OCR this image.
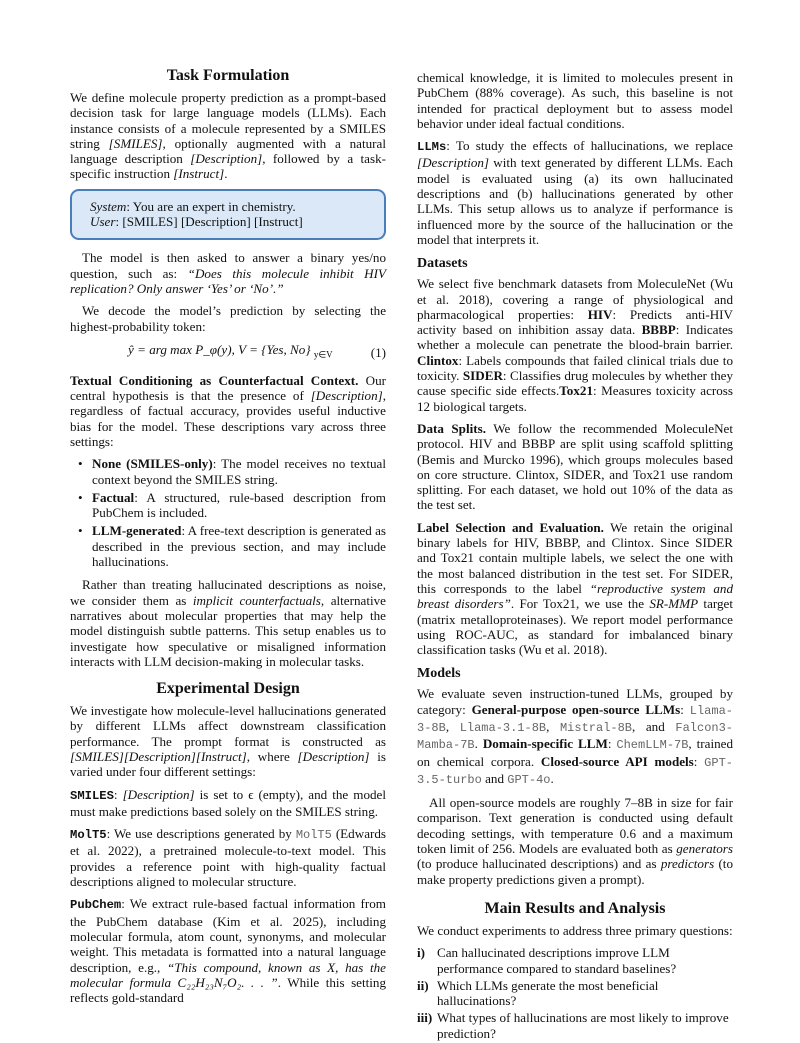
Task Formulation

We define molecule property prediction as a prompt-based decision task for large language models (LLMs). Each instance consists of a molecule represented by a SMILES string [SMILES], optionally augmented with a natural language description [Description], followed by a task-specific instruction [Instruct].

System: You are an expert in chemistry.
User: [SMILES] [Description] [Instruct]

The model is then asked to answer a binary yes/no question, such as: “Does this molecule inhibit HIV replication? Only answer ‘Yes’ or ‘No’.”

We decode the model’s prediction by selecting the highest-probability token:

ŷ = arg max P_φ(y), V = {Yes, No} $_{y\in V}$	(1)

Textual Conditioning as Counterfactual Context. Our central hypothesis is that the presence of [Description], regardless of factual accuracy, provides useful inductive bias for the model. These descriptions vary across three settings:

• None (SMILES-only): The model receives no textual context beyond the SMILES string.
• Factual: A structured, rule-based description from PubChem is included.
• LLM-generated: A free-text description is generated as described in the previous section, and may include hallucinations.

Rather than treating hallucinated descriptions as noise, we consider them as implicit counterfactuals, alternative narratives about molecular properties that may help the model distinguish subtle patterns. This setup enables us to investigate how speculative or misaligned information interacts with LLM decision-making in molecular tasks.

Experimental Design

We investigate how molecule-level hallucinations generated by different LLMs affect downstream classification performance. The prompt format is constructed as [SMILES][Description][Instruct], where [Description] is varied under four different settings:

SMILES: [Description] is set to ϵ (empty), and the model must make predictions based solely on the SMILES string.

MolT5: We use descriptions generated by MolT5 (Edwards et al. 2022), a pretrained molecule-to-text model. This provides a reference point with high-quality factual descriptions aligned to molecular structure.

PubChem: We extract rule-based factual information from the PubChem database (Kim et al. 2025), including molecular formula, atom count, synonyms, and molecular weight. This metadata is formatted into a natural language description, e.g., “This compound, known as X, has the molecular formula C₂₂H₂₃N₇O₂. . . ”. While this setting reflects gold-standard

chemical knowledge, it is limited to molecules present in PubChem (88% coverage). As such, this baseline is not intended for practical deployment but to assess model behavior under ideal factual conditions.

LLMs: To study the effects of hallucinations, we replace [Description] with text generated by different LLMs. Each model is evaluated using (a) its own hallucinated descriptions and (b) hallucinations generated by other LLMs. This setup allows us to analyze if performance is influenced more by the source of the hallucination or the model that interprets it.

Datasets

We select five benchmark datasets from MoleculeNet (Wu et al. 2018), covering a range of physiological and pharmacological properties: HIV: Predicts anti-HIV activity based on inhibition assay data. BBBP: Indicates whether a molecule can penetrate the blood-brain barrier. Clintox: Labels compounds that failed clinical trials due to toxicity. SIDER: Classifies drug molecules by whether they cause specific side effects.Tox21: Measures toxicity across 12 biological targets.

Data Splits. We follow the recommended MoleculeNet protocol. HIV and BBBP are split using scaffold splitting (Bemis and Murcko 1996), which groups molecules based on core structure. Clintox, SIDER, and Tox21 use random splitting. For each dataset, we hold out 10% of the data as the test set.

Label Selection and Evaluation. We retain the original binary labels for HIV, BBBP, and Clintox. Since SIDER and Tox21 contain multiple labels, we select the one with the most balanced distribution in the test set. For SIDER, this corresponds to the label “reproductive system and breast disorders”. For Tox21, we use the SR-MMP target (matrix metalloproteinases). We report model performance using ROC-AUC, as standard for imbalanced binary classification tasks (Wu et al. 2018).

Models

We evaluate seven instruction-tuned LLMs, grouped by category: General-purpose open-source LLMs: Llama-3-8B, Llama-3.1-8B, Mistral-8B, and Falcon3-Mamba-7B. Domain-specific LLM: ChemLLM-7B, trained on chemical corpora. Closed-source API models: GPT-3.5-turbo and GPT-4o.

All open-source models are roughly 7–8B in size for fair comparison. Text generation is conducted using default decoding settings, with temperature 0.6 and a maximum token limit of 256. Models are evaluated both as generators (to produce hallucinated descriptions) and as predictors (to make property predictions given a prompt).

Main Results and Analysis

We conduct experiments to address three primary questions:

i) Can hallucinated descriptions improve LLM performance compared to standard baselines?
ii) Which LLMs generate the most beneficial hallucinations?
iii) What types of hallucinations are most likely to improve prediction?
